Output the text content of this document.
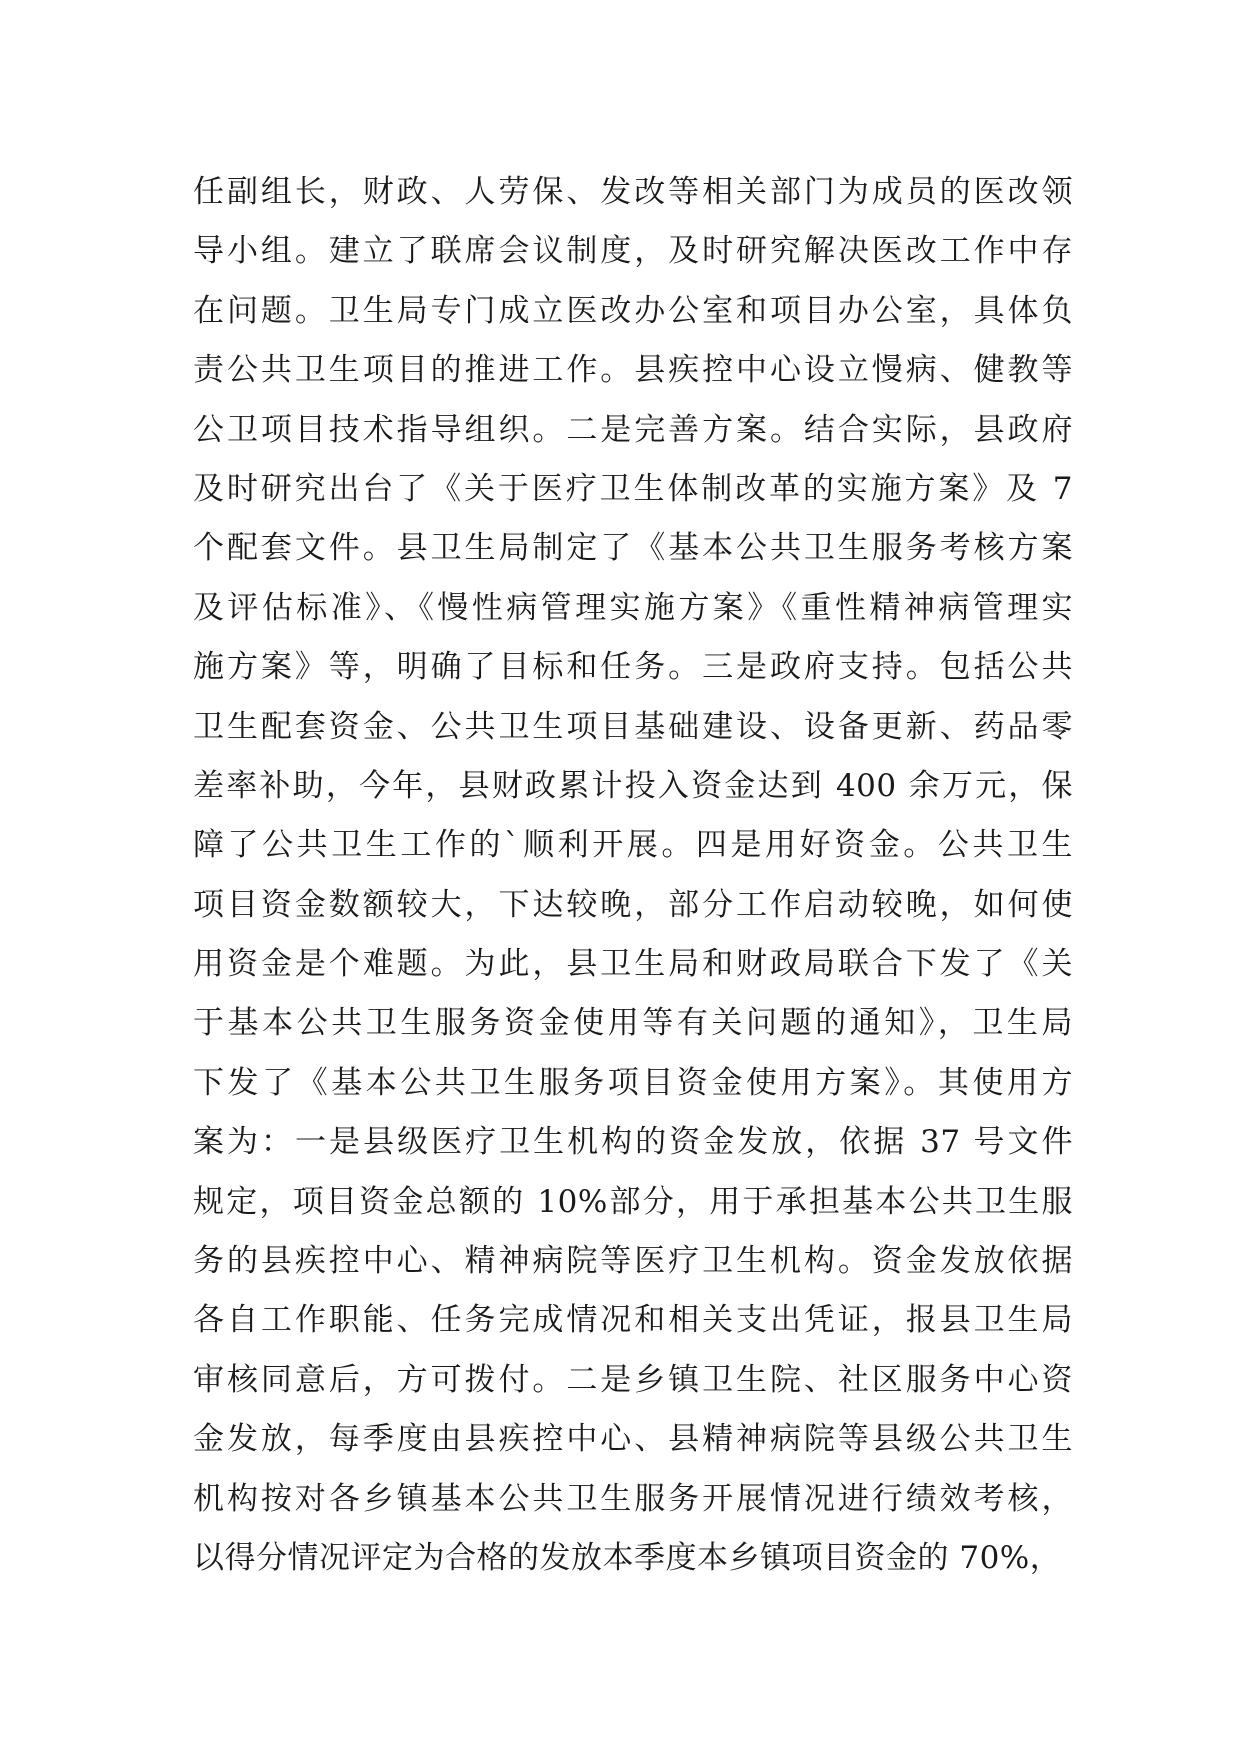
任副组长，财政、人劳保、发改等相关部门为成员的医改领
导小组。建立了联席会议制度，及时研究解决医改工作中存
在问题。卫生局专门成立医改办公室和项目办公室，具体负
责公共卫生项目的推进工作。县疾控中心设立慢病、健教等
公卫项目技术指导组织。二是完善方案。结合实际，县政府
及时研究出台了《关于医疗卫生体制改革的实施方案》及 7
个配套文件。县卫生局制定了《基本公共卫生服务考核方案
及评估标准》、《慢性病管理实施方案》《重性精神病管理实
施方案》等，明确了目标和任务。三是政府支持。包括公共
卫生配套资金、公共卫生项目基础建设、设备更新、药品零
差率补助，今年，县财政累计投入资金达到 400 余万元，保
障了公共卫生工作的`顺利开展。四是用好资金。公共卫生
项目资金数额较大，下达较晚，部分工作启动较晚，如何使
用资金是个难题。为此，县卫生局和财政局联合下发了《关
于基本公共卫生服务资金使用等有关问题的通知》，卫生局
下发了《基本公共卫生服务项目资金使用方案》。其使用方
案为：一是县级医疗卫生机构的资金发放，依据 37 号文件
规定，项目资金总额的 10%部分，用于承担基本公共卫生服
务的县疾控中心、精神病院等医疗卫生机构。资金发放依据
各自工作职能、任务完成情况和相关支出凭证，报县卫生局
审核同意后，方可拨付。二是乡镇卫生院、社区服务中心资
金发放，每季度由县疾控中心、县精神病院等县级公共卫生
机构按对各乡镇基本公共卫生服务开展情况进行绩效考核，
以得分情况评定为合格的发放本季度本乡镇项目资金的 70%，
